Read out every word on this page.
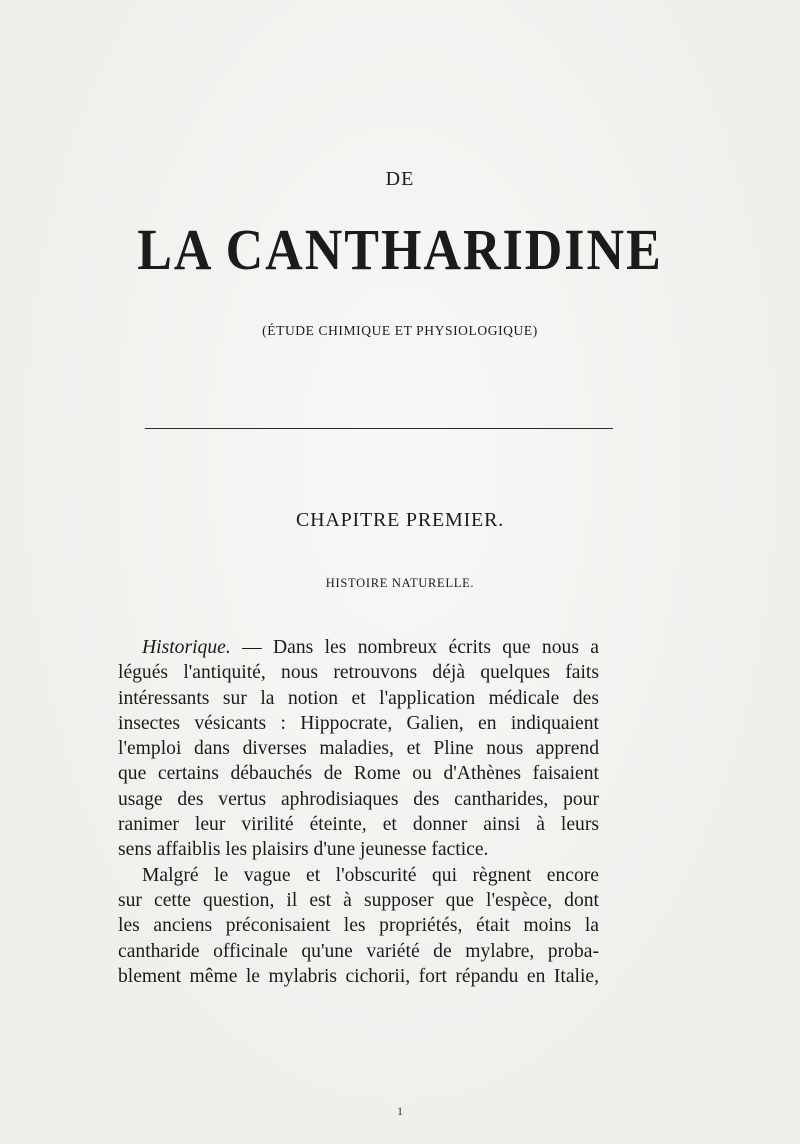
DE
LA CANTHARIDINE
(ÉTUDE CHIMIQUE ET PHYSIOLOGIQUE)
CHAPITRE PREMIER.
HISTOIRE NATURELLE.
Historique. — Dans les nombreux écrits que nous a
légués l'antiquité, nous retrouvons déjà quelques faits
intéressants sur la notion et l'application médicale des
insectes vésicants : Hippocrate, Galien, en indiquaient
l'emploi dans diverses maladies, et Pline nous apprend
que certains débauchés de Rome ou d'Athènes faisaient
usage des vertus aphrodisiaques des cantharides, pour
ranimer leur virilité éteinte, et donner ainsi à leurs
sens affaiblis les plaisirs d'une jeunesse factice.
Malgré le vague et l'obscurité qui règnent encore
sur cette question, il est à supposer que l'espèce, dont
les anciens préconisaient les propriétés, était moins la
cantharide officinale qu'une variété de mylabre, proba-
blement même le mylabris cichorii, fort répandu en Italie,
1
